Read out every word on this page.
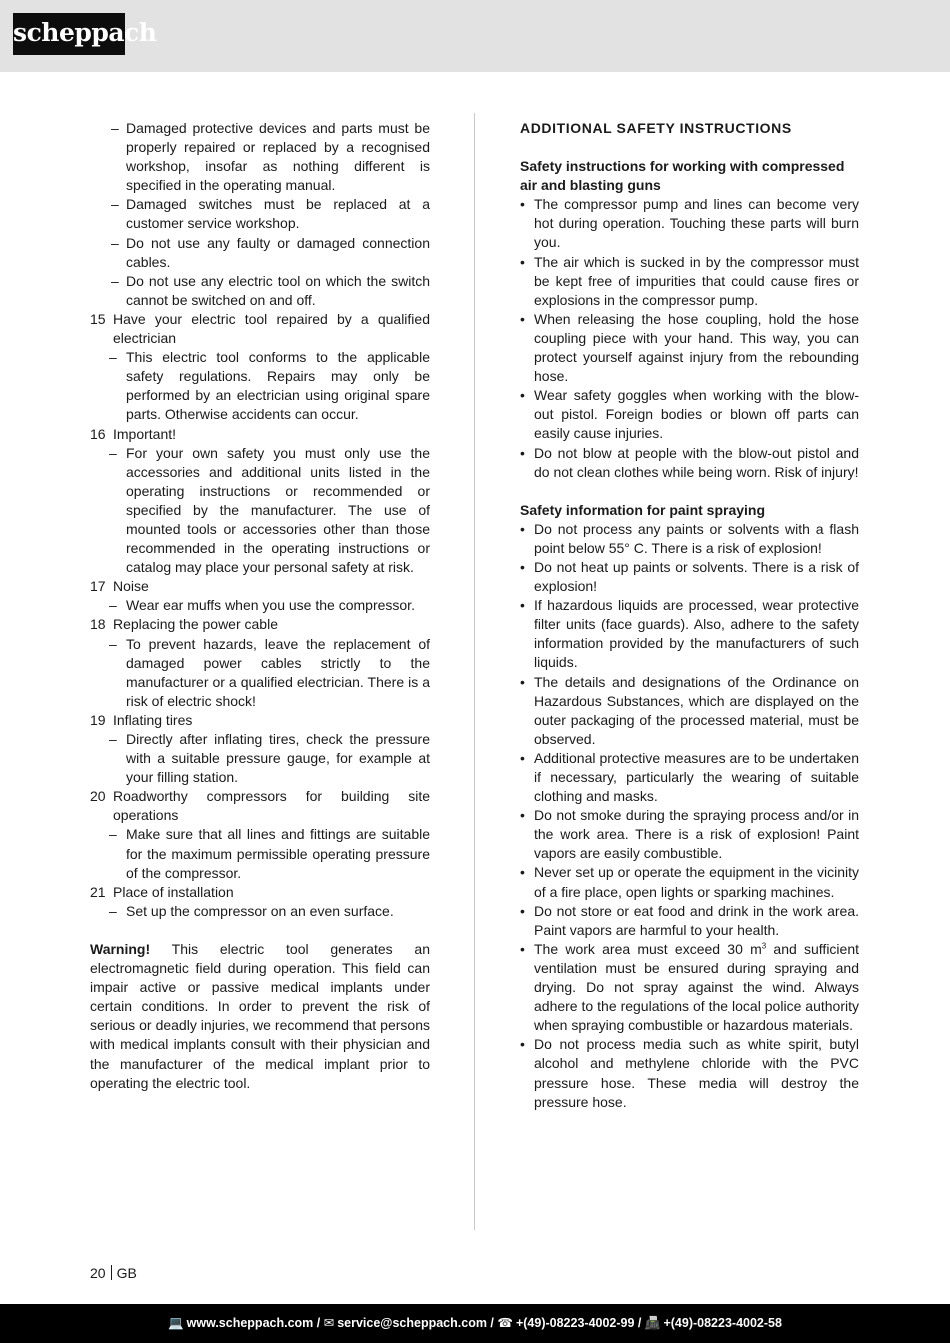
scheppach
– Damaged protective devices and parts must be properly repaired or replaced by a recognised workshop, insofar as nothing different is specified in the operating manual.
– Damaged switches must be replaced at a customer service workshop.
– Do not use any faulty or damaged connection cables.
– Do not use any electric tool on which the switch cannot be switched on and off.
15 Have your electric tool repaired by a qualified electrician
– This electric tool conforms to the applicable safety regulations. Repairs may only be performed by an electrician using original spare parts. Otherwise accidents can occur.
16 Important!
– For your own safety you must only use the accessories and additional units listed in the operating instructions or recommended or specified by the manufacturer. The use of mounted tools or accessories other than those recommended in the operating instructions or catalog may place your personal safety at risk.
17 Noise
– Wear ear muffs when you use the compressor.
18 Replacing the power cable
– To prevent hazards, leave the replacement of damaged power cables strictly to the manufacturer or a qualified electrician. There is a risk of electric shock!
19 Inflating tires
– Directly after inflating tires, check the pressure with a suitable pressure gauge, for example at your filling station.
20 Roadworthy compressors for building site operations
– Make sure that all lines and fittings are suitable for the maximum permissible operating pressure of the compressor.
21 Place of installation
– Set up the compressor on an even surface.

Warning! This electric tool generates an electromagnetic field during operation. This field can impair active or passive medical implants under certain conditions. In order to prevent the risk of serious or deadly injuries, we recommend that persons with medical implants consult with their physician and the manufacturer of the medical implant prior to operating the electric tool.

ADDITIONAL SAFETY INSTRUCTIONS
Safety instructions for working with compressed air and blasting guns
• The compressor pump and lines can become very hot during operation. Touching these parts will burn you.
• The air which is sucked in by the compressor must be kept free of impurities that could cause fires or explosions in the compressor pump.
• When releasing the hose coupling, hold the hose coupling piece with your hand. This way, you can protect yourself against injury from the rebounding hose.
• Wear safety goggles when working with the blow-out pistol. Foreign bodies or blown off parts can easily cause injuries.
• Do not blow at people with the blow-out pistol and do not clean clothes while being worn. Risk of injury!
Safety information for paint spraying
• Do not process any paints or solvents with a flash point below 55° C. There is a risk of explosion!
• Do not heat up paints or solvents. There is a risk of explosion!
• If hazardous liquids are processed, wear protective filter units (face guards). Also, adhere to the safety information provided by the manufacturers of such liquids.
• The details and designations of the Ordinance on Hazardous Substances, which are displayed on the outer packaging of the processed material, must be observed.
• Additional protective measures are to be undertaken if necessary, particularly the wearing of suitable clothing and masks.
• Do not smoke during the spraying process and/or in the work area. There is a risk of explosion! Paint vapors are easily combustible.
• Never set up or operate the equipment in the vicinity of a fire place, open lights or sparking machines.
• Do not store or eat food and drink in the work area. Paint vapors are harmful to your health.
• The work area must exceed 30 $m^3$ and sufficient ventilation must be ensured during spraying and drying. Do not spray against the wind. Always adhere to the regulations of the local police authority when spraying combustible or hazardous materials.
• Do not process media such as white spirit, butyl alcohol and methylene chloride with the PVC pressure hose. These media will destroy the pressure hose.
20 GB
💻 www.scheppach.com / ✉ service@scheppach.com / ☎ +(49)-08223-4002-99 / 📠 +(49)-08223-4002-58
